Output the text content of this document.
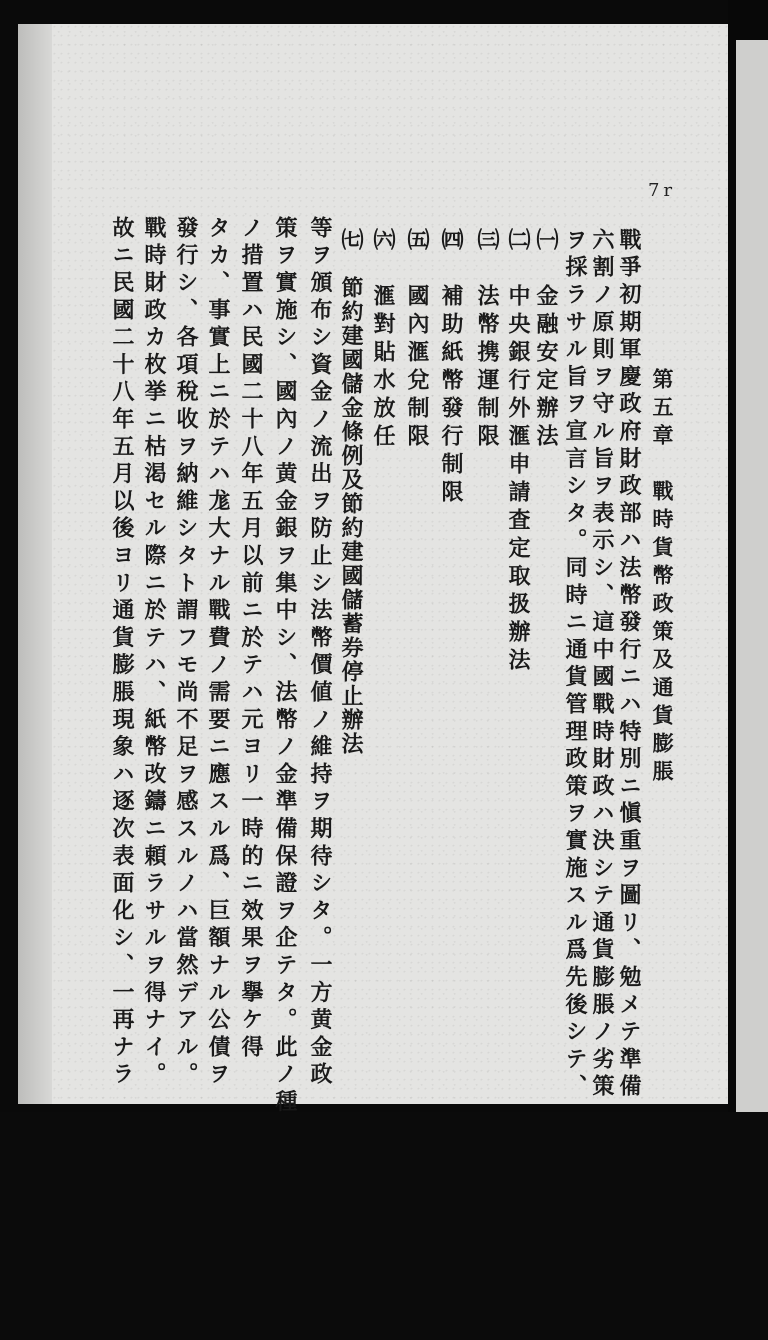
7r
第五章　戰時貨幣政策及通貨膨脹
戰爭初期軍慶政府財政部ハ法幣發行ニハ特別ニ愼重ヲ圖リ、勉メテ準備
六割ノ原則ヲ守ル旨ヲ表示シ、這中國戰時財政ハ決シテ通貨膨脹ノ劣策
ヲ採ラサル旨ヲ宣言シタ。同時ニ通貨管理政策ヲ實施スル爲先後シテ、
㈠　金融安定辦法
㈡　中央銀行外滙申請査定取扱辦法
㈢　法幣携運制限
㈣　補助紙幣發行制限
㈤　國內滙兌制限
㈥　滙對貼水放任
㈦　節約建國儲金條例及節約建國儲蓄券停止辦法
等ヲ頒布シ資金ノ流出ヲ防止シ法幣價値ノ維持ヲ期待シタ。一方黄金政
策ヲ實施シ、國內ノ黄金銀ヲ集中シ、法幣ノ金準備保證ヲ企テタ。此ノ種
ノ措置ハ民國二十八年五月以前ニ於テハ元ヨリ一時的ニ效果ヲ擧ケ得
タカ、事實上ニ於テハ尨大ナル戰費ノ需要ニ應スル爲、巨額ナル公債ヲ
發行シ、各項稅收ヲ納維シタト謂フモ尚不足ヲ感スルノハ當然デアル。
戰時財政カ枚挙ニ枯渇セル際ニ於テハ、紙幣改鑄ニ頼ラサルヲ得ナイ。
故ニ民國二十八年五月以後ヨリ通貨膨脹現象ハ逐次表面化シ、一再ナラ
